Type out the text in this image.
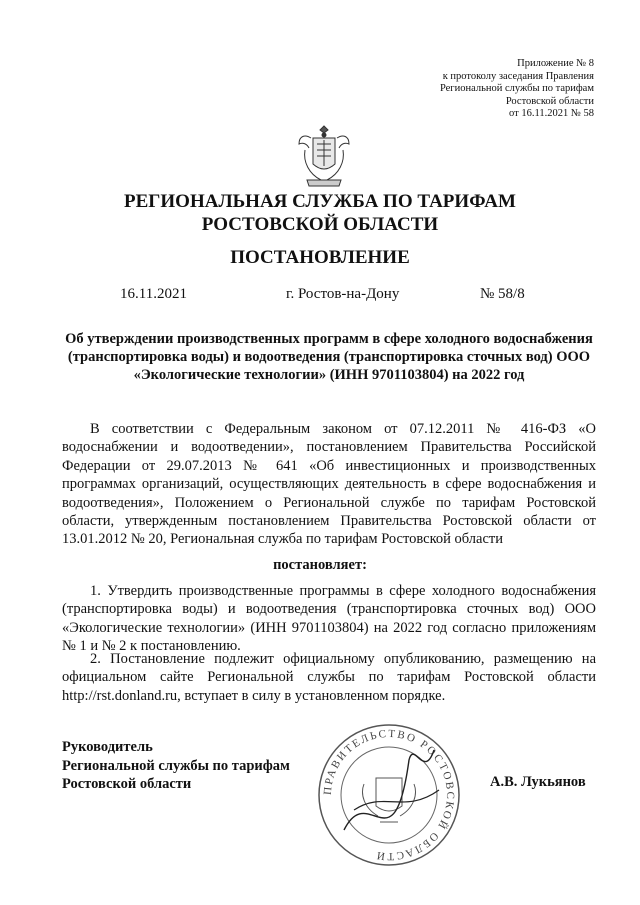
Приложение № 8
к протоколу заседания Правления
Региональной службы по тарифам
Ростовской области
от 16.11.2021 № 58
РЕГИОНАЛЬНАЯ СЛУЖБА ПО ТАРИФАМ
РОСТОВСКОЙ ОБЛАСТИ
ПОСТАНОВЛЕНИЕ
16.11.2021	г. Ростов-на-Дону	№ 58/8
Об утверждении производственных программ в сфере холодного водоснабжения (транспортировка воды) и водоотведения (транспортировка сточных вод) ООО «Экологические технологии» (ИНН 9701103804) на 2022 год
В соответствии с Федеральным законом от 07.12.2011 № 416-ФЗ «О водоснабжении и водоотведении», постановлением Правительства Российской Федерации от 29.07.2013 № 641 «Об инвестиционных и производственных программах организаций, осуществляющих деятельность в сфере водоснабжения и водоотведения», Положением о Региональной службе по тарифам Ростовской области, утвержденным постановлением Правительства Ростовской области от 13.01.2012 № 20, Региональная служба по тарифам Ростовской области
постановляет:
1. Утвердить производственные программы в сфере холодного водоснабжения (транспортировка воды) и водоотведения (транспортировка сточных вод) ООО «Экологические технологии» (ИНН 9701103804) на 2022 год согласно приложениям № 1 и № 2 к постановлению.
2. Постановление подлежит официальному опубликованию, размещению на официальном сайте Региональной службы по тарифам Ростовской области http://rst.donland.ru, вступает в силу в установленном порядке.
Руководитель
Региональной службы по тарифам
Ростовской области	ПРАВИТЕЛЬСТВО РОСТОВСКОЙ ОБЛАСТИ
А.В. Лукьянов
